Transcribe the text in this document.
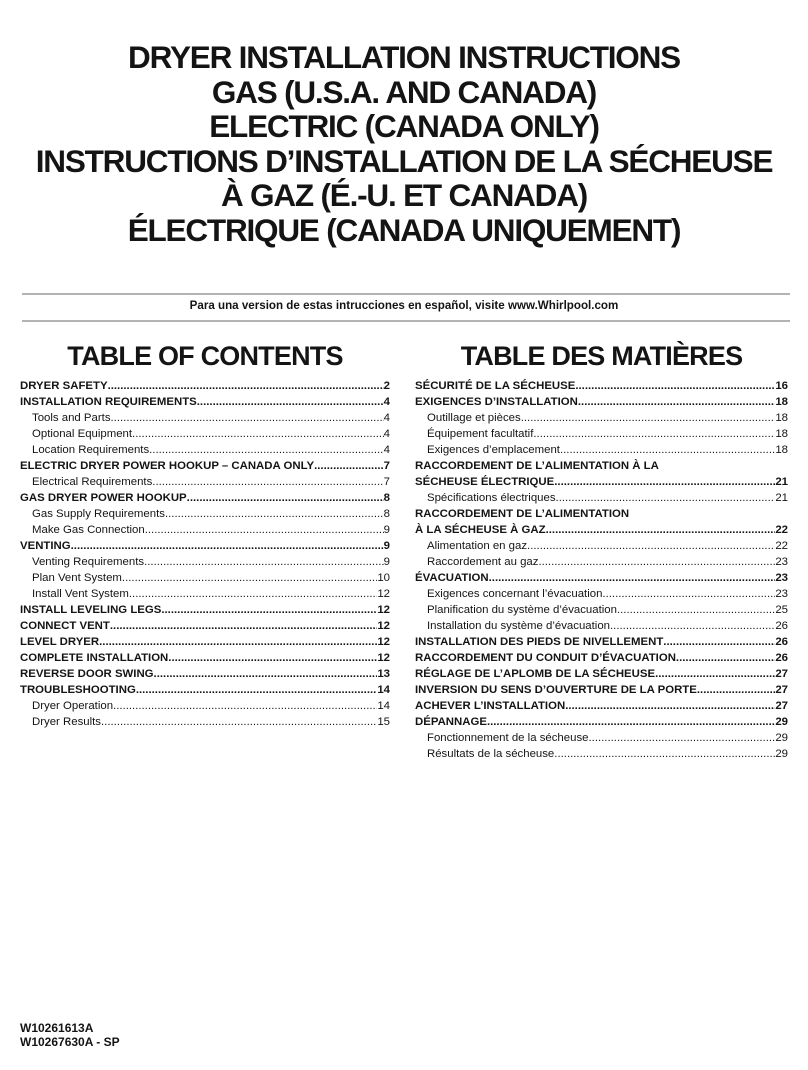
DRYER INSTALLATION INSTRUCTIONS
GAS (U.S.A. AND CANADA)
ELECTRIC (CANADA ONLY)
INSTRUCTIONS D’INSTALLATION DE LA SÉCHEUSE
À GAZ (É.-U. ET CANADA)
ÉLECTRIQUE (CANADA UNIQUEMENT)
Para una version de estas intrucciones en español, visite www.Whirlpool.com
TABLE OF CONTENTS
DRYER SAFETY .....	2
INSTALLATION REQUIREMENTS .....	4
Tools and Parts .....	4
Optional Equipment .....	4
Location Requirements .....	4
ELECTRIC DRYER POWER HOOKUP – CANADA ONLY .....	7
Electrical Requirements .....	7
GAS DRYER POWER HOOKUP .....	8
Gas Supply Requirements .....	8
Make Gas Connection .....	9
VENTING .....	9
Venting Requirements .....	9
Plan Vent System .....	10
Install Vent System .....	12
INSTALL LEVELING LEGS .....	12
CONNECT VENT .....	12
LEVEL DRYER .....	12
COMPLETE INSTALLATION .....	12
REVERSE DOOR SWING .....	13
TROUBLESHOOTING .....	14
Dryer Operation .....	14
Dryer Results .....	15
TABLE DES MATIÈRES
SÉCURITÉ DE LA SÉCHEUSE .....	16
EXIGENCES D’INSTALLATION .....	18
Outillage et pièces .....	18
Équipement facultatif .....	18
Exigences d’emplacement .....	18
RACCORDEMENT DE L’ALIMENTATION À LA
SÉCHEUSE ÉLECTRIQUE .....	21
Spécifications électriques .....	21
RACCORDEMENT DE L’ALIMENTATION
À LA SÉCHEUSE À GAZ .....	22
Alimentation en gaz .....	22
Raccordement au gaz .....	23
ÉVACUATION .....	23
Exigences concernant l’évacuation .....	23
Planification du système d’évacuation .....	25
Installation du système d’évacuation .....	26
INSTALLATION DES PIEDS DE NIVELLEMENT .....	26
RACCORDEMENT DU CONDUIT D’ÉVACUATION .....	26
RÉGLAGE DE L’APLOMB DE LA SÉCHEUSE .....	27
INVERSION DU SENS D’OUVERTURE DE LA PORTE .....	27
ACHEVER L’INSTALLATION .....	27
DÉPANNAGE .....	29
Fonctionnement de la sécheuse .....	29
Résultats de la sécheuse .....	29
W10261613A
W10267630A - SP
